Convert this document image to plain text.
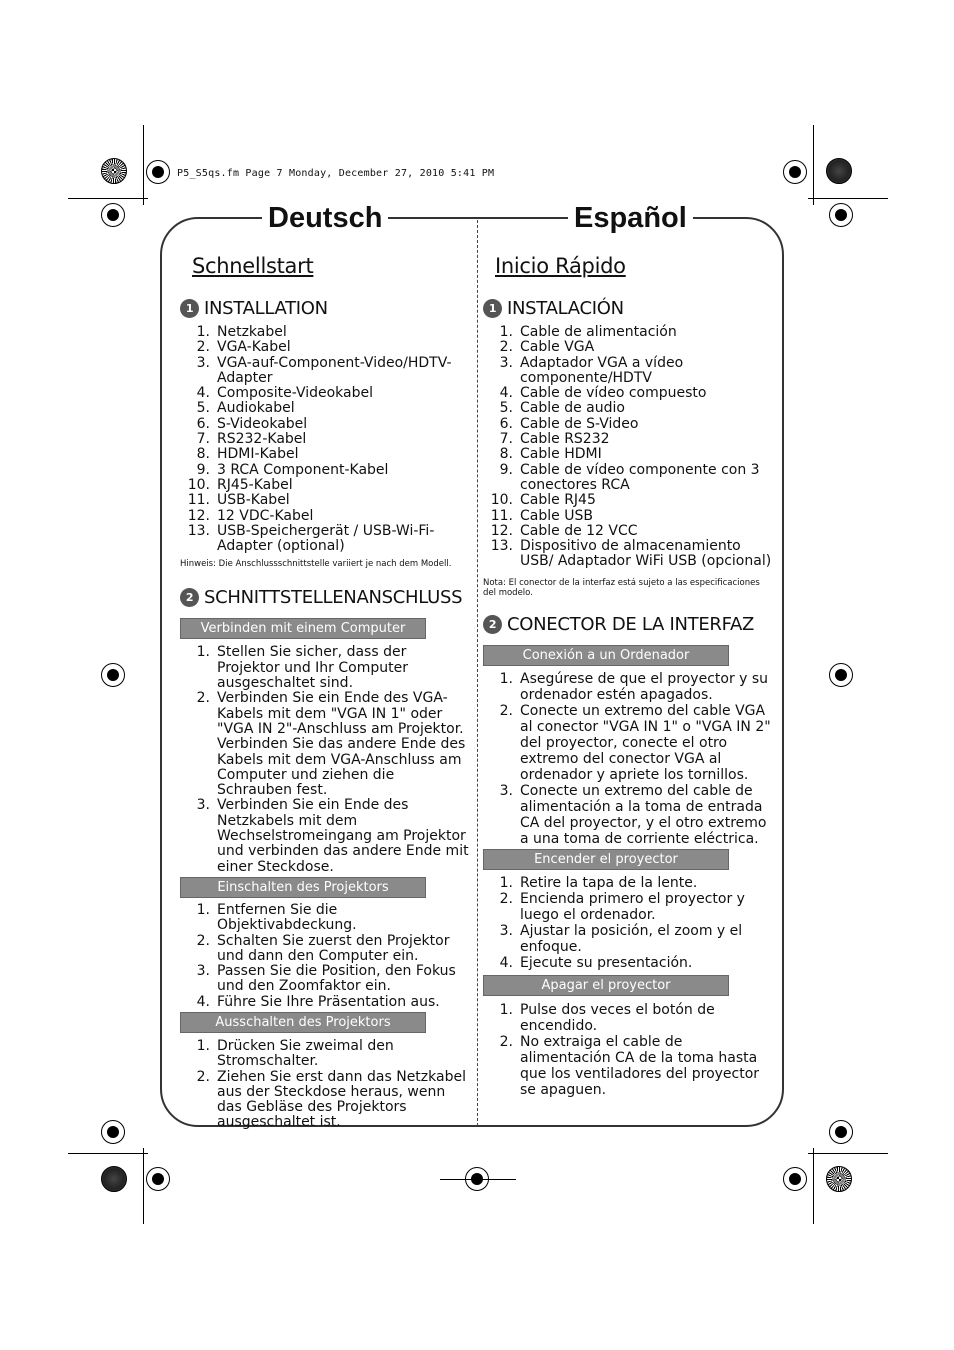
P5_S5qs.fm Page 7 Monday, December 27, 2010 5:41 PM
Deutsch	Español
Schnellstart
1 INSTALLATION
1. Netzkabel
2. VGA-Kabel
3. VGA-auf-Component-Video/HDTV-Adapter
4. Composite-Videokabel
5. Audiokabel
6. S-Videokabel
7. RS232-Kabel
8. HDMI-Kabel
9. 3 RCA Component-Kabel
10. RJ45-Kabel
11. USB-Kabel
12. 12 VDC-Kabel
13. USB-Speichergerät / USB-Wi-Fi-Adapter (optional)
Hinweis: Die Anschlussschnittstelle variiert je nach dem Modell.
2 SCHNITTSTELLENANSCHLUSS
Verbinden mit einem Computer
1. Stellen Sie sicher, dass der Projektor und Ihr Computer ausgeschaltet sind.
2. Verbinden Sie ein Ende des VGA-Kabels mit dem "VGA IN 1" oder "VGA IN 2"-Anschluss am Projektor. Verbinden Sie das andere Ende des Kabels mit dem VGA-Anschluss am Computer und ziehen die Schrauben fest.
3. Verbinden Sie ein Ende des Netzkabels mit dem Wechselstromeingang am Projektor und verbinden das andere Ende mit einer Steckdose.
Einschalten des Projektors
1. Entfernen Sie die Objektivabdeckung.
2. Schalten Sie zuerst den Projektor und dann den Computer ein.
3. Passen Sie die Position, den Fokus und den Zoomfaktor ein.
4. Führe Sie Ihre Präsentation aus.
Ausschalten des Projektors
1. Drücken Sie zweimal den Stromschalter.
2. Ziehen Sie erst dann das Netzkabel aus der Steckdose heraus, wenn das Gebläse des Projektors ausgeschaltet ist.
Inicio Rápido
1 INSTALACIÓN
1. Cable de alimentación
2. Cable VGA
3. Adaptador VGA a vídeo componente/HDTV
4. Cable de vídeo compuesto
5. Cable de audio
6. Cable de S-Video
7. Cable RS232
8. Cable HDMI
9. Cable de vídeo componente con 3 conectores RCA
10. Cable RJ45
11. Cable USB
12. Cable de 12 VCC
13. Dispositivo de almacenamiento USB/ Adaptador WiFi USB (opcional)
Nota: El conector de la interfaz está sujeto a las especificaciones del modelo.
2 CONECTOR DE LA INTERFAZ
Conexión a un Ordenador
1. Asegúrese de que el proyector y su ordenador estén apagados.
2. Conecte un extremo del cable VGA al conector "VGA IN 1" o "VGA IN 2" del proyector, conecte el otro extremo del conector VGA al ordenador y apriete los tornillos.
3. Conecte un extremo del cable de alimentación a la toma de entrada CA del proyector, y el otro extremo a una toma de corriente eléctrica.
Encender el proyector
1. Retire la tapa de la lente.
2. Encienda primero el proyector y luego el ordenador.
3. Ajustar la posición, el zoom y el enfoque.
4. Ejecute su presentación.
Apagar el proyector
1. Pulse dos veces el botón de encendido.
2. No extraiga el cable de alimentación CA de la toma hasta que los ventiladores del proyector se apaguen.
